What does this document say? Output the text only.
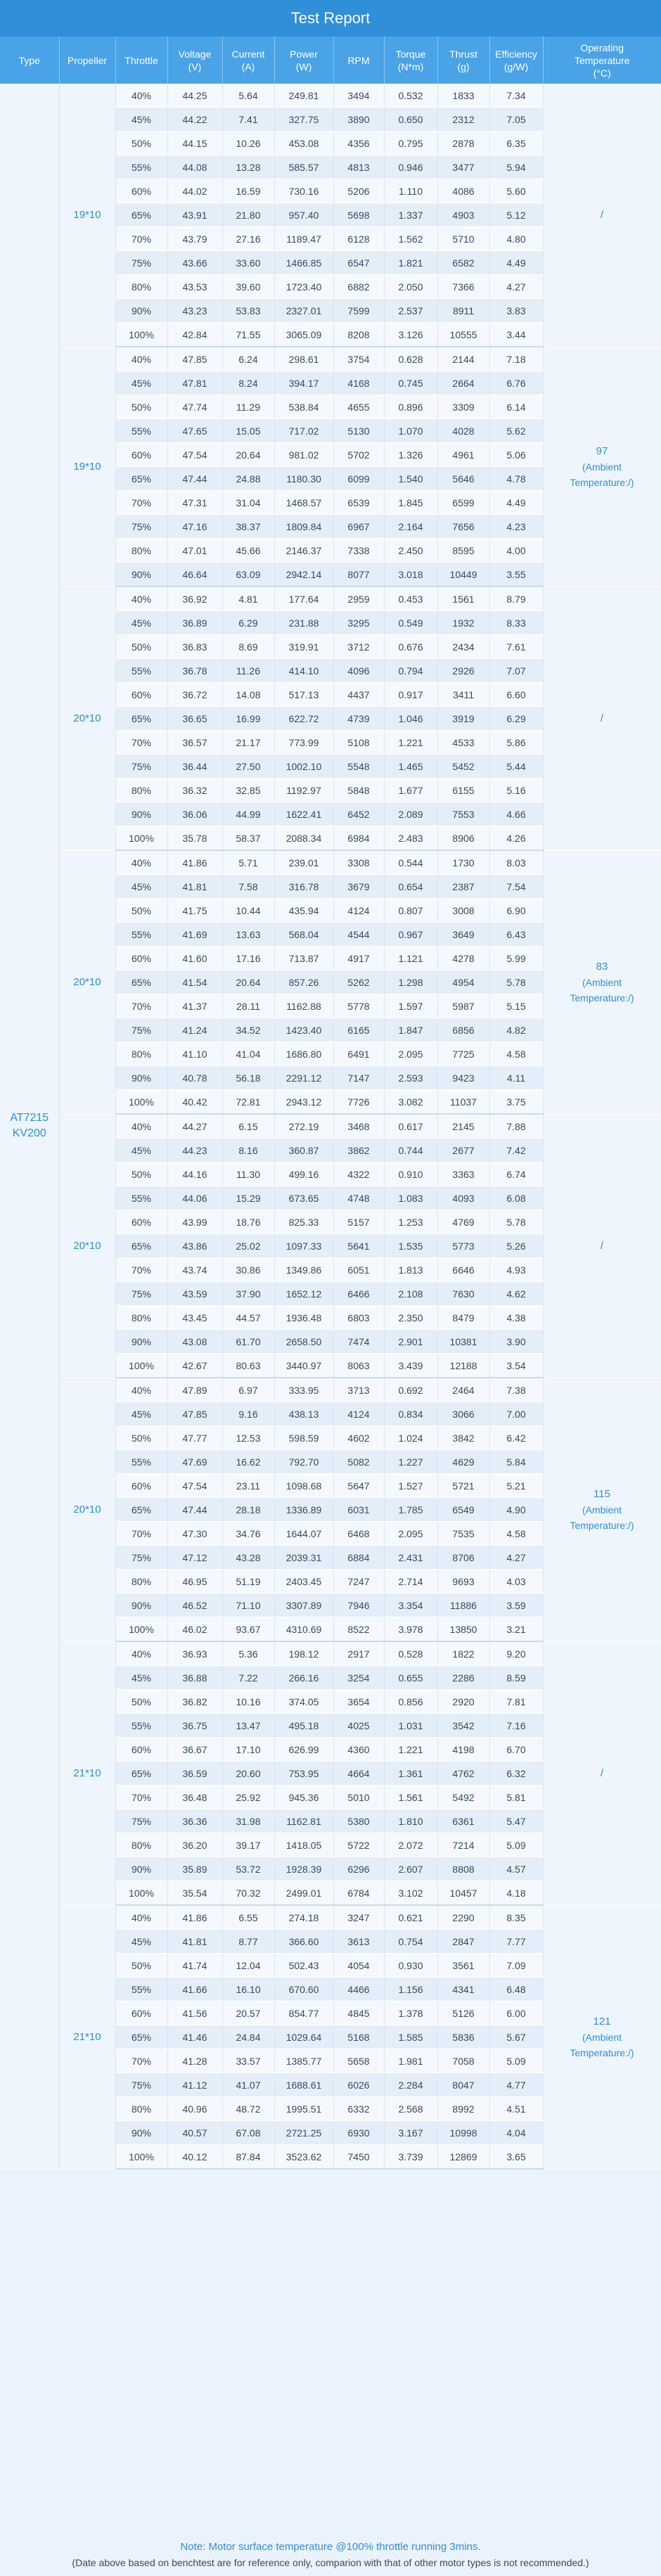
Test Report
Type	Propeller	Throttle	Voltage
(V)	Current
(A)	Power
(W)	RPM	Torque
(N*m)	Thrust
(g)	Efficiency
(g/W)	Operating
Temperature
(°C)
AT7215
KV200	19*10	40%	44.25	5.64	249.81	3494	0.532	1833	7.34	/
		45%	44.22	7.41	327.75	3890	0.650	2312	7.05	
		50%	44.15	10.26	453.08	4356	0.795	2878	6.35	
		55%	44.08	13.28	585.57	4813	0.946	3477	5.94	
		60%	44.02	16.59	730.16	5206	1.110	4086	5.60	
		65%	43.91	21.80	957.40	5698	1.337	4903	5.12	
		70%	43.79	27.16	1189.47	6128	1.562	5710	4.80	
		75%	43.66	33.60	1466.85	6547	1.821	6582	4.49	
		80%	43.53	39.60	1723.40	6882	2.050	7366	4.27	
		90%	43.23	53.83	2327.01	7599	2.537	8911	3.83	
		100%	42.84	71.55	3065.09	8208	3.126	10555	3.44	
	19*10	40%	47.85	6.24	298.61	3754	0.628	2144	7.18	97
(Ambient
Temperature:/)

		45%	47.81	8.24	394.17	4168	0.745	2664	6.76	
		50%	47.74	11.29	538.84	4655	0.896	3309	6.14	
		55%	47.65	15.05	717.02	5130	1.070	4028	5.62	
		60%	47.54	20.64	981.02	5702	1.326	4961	5.06	
		65%	47.44	24.88	1180.30	6099	1.540	5646	4.78	
		70%	47.31	31.04	1468.57	6539	1.845	6599	4.49	
		75%	47.16	38.37	1809.84	6967	2.164	7656	4.23	
		80%	47.01	45.66	2146.37	7338	2.450	8595	4.00	
		90%	46.64	63.09	2942.14	8077	3.018	10449	3.55	
	20*10	40%	36.92	4.81	177.64	2959	0.453	1561	8.79	/
		45%	36.89	6.29	231.88	3295	0.549	1932	8.33	
		50%	36.83	8.69	319.91	3712	0.676	2434	7.61	
		55%	36.78	11.26	414.10	4096	0.794	2926	7.07	
		60%	36.72	14.08	517.13	4437	0.917	3411	6.60	
		65%	36.65	16.99	622.72	4739	1.046	3919	6.29	
		70%	36.57	21.17	773.99	5108	1.221	4533	5.86	
		75%	36.44	27.50	1002.10	5548	1.465	5452	5.44	
		80%	36.32	32.85	1192.97	5848	1.677	6155	5.16	
		90%	36.06	44.99	1622.41	6452	2.089	7553	4.66	
		100%	35.78	58.37	2088.34	6984	2.483	8906	4.26	
	20*10	40%	41.86	5.71	239.01	3308	0.544	1730	8.03	83
(Ambient
Temperature:/)

		45%	41.81	7.58	316.78	3679	0.654	2387	7.54	
		50%	41.75	10.44	435.94	4124	0.807	3008	6.90	
		55%	41.69	13.63	568.04	4544	0.967	3649	6.43	
		60%	41.60	17.16	713.87	4917	1.121	4278	5.99	
		65%	41.54	20.64	857.26	5262	1.298	4954	5.78	
		70%	41.37	28.11	1162.88	5778	1.597	5987	5.15	
		75%	41.24	34.52	1423.40	6165	1.847	6856	4.82	
		80%	41.10	41.04	1686.80	6491	2.095	7725	4.58	
		90%	40.78	56.18	2291.12	7147	2.593	9423	4.11	
		100%	40.42	72.81	2943.12	7726	3.082	11037	3.75	
	20*10	40%	44.27	6.15	272.19	3468	0.617	2145	7.88	/
		45%	44.23	8.16	360.87	3862	0.744	2677	7.42	
		50%	44.16	11.30	499.16	4322	0.910	3363	6.74	
		55%	44.06	15.29	673.65	4748	1.083	4093	6.08	
		60%	43.99	18.76	825.33	5157	1.253	4769	5.78	
		65%	43.86	25.02	1097.33	5641	1.535	5773	5.26	
		70%	43.74	30.86	1349.86	6051	1.813	6646	4.93	
		75%	43.59	37.90	1652.12	6466	2.108	7630	4.62	
		80%	43.45	44.57	1936.48	6803	2.350	8479	4.38	
		90%	43.08	61.70	2658.50	7474	2.901	10381	3.90	
		100%	42.67	80.63	3440.97	8063	3.439	12188	3.54	
	20*10	40%	47.89	6.97	333.95	3713	0.692	2464	7.38	115
(Ambient
Temperature:/)

		45%	47.85	9.16	438.13	4124	0.834	3066	7.00	
		50%	47.77	12.53	598.59	4602	1.024	3842	6.42	
		55%	47.69	16.62	792.70	5082	1.227	4629	5.84	
		60%	47.54	23.11	1098.68	5647	1.527	5721	5.21	
		65%	47.44	28.18	1336.89	6031	1.785	6549	4.90	
		70%	47.30	34.76	1644.07	6468	2.095	7535	4.58	
		75%	47.12	43.28	2039.31	6884	2.431	8706	4.27	
		80%	46.95	51.19	2403.45	7247	2.714	9693	4.03	
		90%	46.52	71.10	3307.89	7946	3.354	11886	3.59	
		100%	46.02	93.67	4310.69	8522	3.978	13850	3.21	
	21*10	40%	36.93	5.36	198.12	2917	0.528	1822	9.20	/
		45%	36.88	7.22	266.16	3254	0.655	2286	8.59	
		50%	36.82	10.16	374.05	3654	0.856	2920	7.81	
		55%	36.75	13.47	495.18	4025	1.031	3542	7.16	
		60%	36.67	17.10	626.99	4360	1.221	4198	6.70	
		65%	36.59	20.60	753.95	4664	1.361	4762	6.32	
		70%	36.48	25.92	945.36	5010	1.561	5492	5.81	
		75%	36.36	31.98	1162.81	5380	1.810	6361	5.47	
		80%	36.20	39.17	1418.05	5722	2.072	7214	5.09	
		90%	35.89	53.72	1928.39	6296	2.607	8808	4.57	
		100%	35.54	70.32	2499.01	6784	3.102	10457	4.18	
	21*10	40%	41.86	6.55	274.18	3247	0.621	2290	8.35	121
(Ambient
Temperature:/)

		45%	41.81	8.77	366.60	3613	0.754	2847	7.77	
		50%	41.74	12.04	502.43	4054	0.930	3561	7.09	
		55%	41.66	16.10	670.60	4466	1.156	4341	6.48	
		60%	41.56	20.57	854.77	4845	1.378	5126	6.00	
		65%	41.46	24.84	1029.64	5168	1.585	5836	5.67	
		70%	41.28	33.57	1385.77	5658	1.981	7058	5.09	
		75%	41.12	41.07	1688.61	6026	2.284	8047	4.77	
		80%	40.96	48.72	1995.51	6332	2.568	8992	4.51	
		90%	40.57	67.08	2721.25	6930	3.167	10998	4.04	
		100%	40.12	87.84	3523.62	7450	3.739	12869	3.65	
Note: Motor surface temperature @100% throttle running 3mins.
(Date above based on benchtest are for reference only, comparion with that of other motor types is not recommended.)
